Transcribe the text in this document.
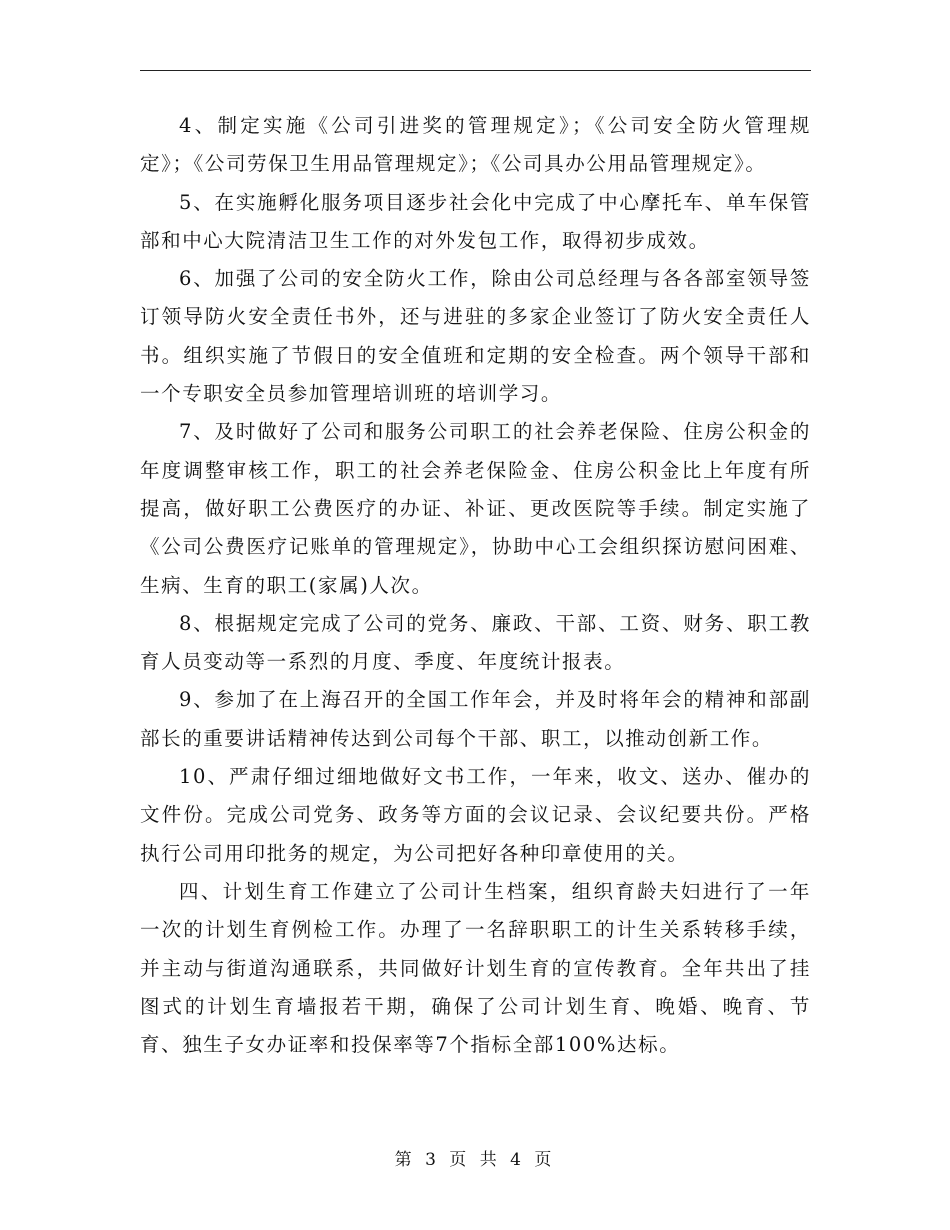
4、制定实施《公司引进奖的管理规定》；《公司安全防火管理规定》；《公司劳保卫生用品管理规定》；《公司具办公用品管理规定》。

5、在实施孵化服务项目逐步社会化中完成了中心摩托车、单车保管部和中心大院清洁卫生工作的对外发包工作，取得初步成效。

6、加强了公司的安全防火工作，除由公司总经理与各各部室领导签订领导防火安全责任书外，还与进驻的多家企业签订了防火安全责任人书。组织实施了节假日的安全值班和定期的安全检查。两个领导干部和一个专职安全员参加管理培训班的培训学习。

7、及时做好了公司和服务公司职工的社会养老保险、住房公积金的年度调整审核工作，职工的社会养老保险金、住房公积金比上年度有所提高，做好职工公费医疗的办证、补证、更改医院等手续。制定实施了《公司公费医疗记账单的管理规定》，协助中心工会组织探访慰问困难、生病、生育的职工(家属)人次。

8、根据规定完成了公司的党务、廉政、干部、工资、财务、职工教育人员变动等一系烈的月度、季度、年度统计报表。

9、参加了在上海召开的全国工作年会，并及时将年会的精神和部副部长的重要讲话精神传达到公司每个干部、职工，以推动创新工作。

10、严肃仔细过细地做好文书工作，一年来，收文、送办、催办的文件份。完成公司党务、政务等方面的会议记录、会议纪要共份。严格执行公司用印批务的规定，为公司把好各种印章使用的关。

四、计划生育工作建立了公司计生档案，组织育龄夫妇进行了一年一次的计划生育例检工作。办理了一名辞职职工的计生关系转移手续，并主动与街道沟通联系，共同做好计划生育的宣传教育。全年共出了挂图式的计划生育墙报若干期，确保了公司计划生育、晚婚、晚育、节育、独生子女办证率和投保率等7个指标全部100%达标。

第 3 页 共 4 页
